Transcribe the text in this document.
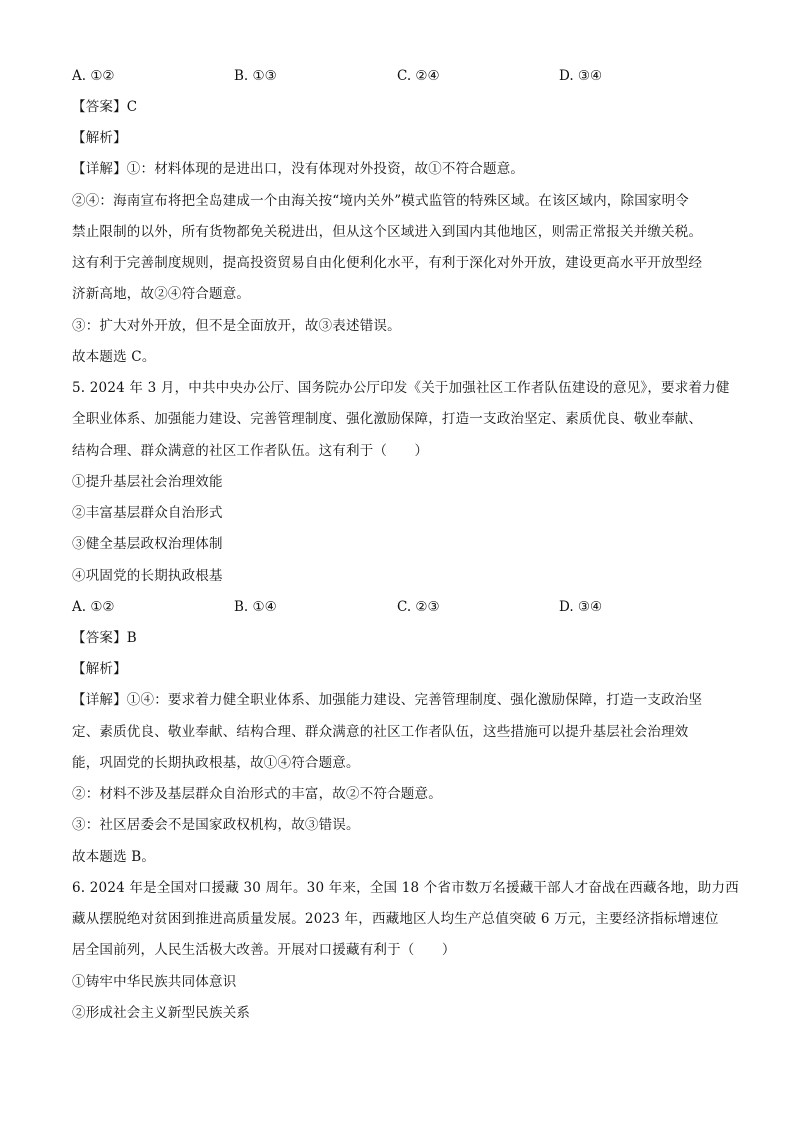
A. ①②	B. ①③	C. ②④	D. ③④
【答案】C
【解析】
【详解】①：材料体现的是进出口，没有体现对外投资，故①不符合题意。
②④：海南宣布将把全岛建成一个由海关按“境内关外”模式监管的特殊区域。在该区域内，除国家明令
禁止限制的以外，所有货物都免关税进出，但从这个区域进入到国内其他地区，则需正常报关并缴关税。
这有利于完善制度规则，提高投资贸易自由化便利化水平，有利于深化对外开放，建设更高水平开放型经
济新高地，故②④符合题意。
③：扩大对外开放，但不是全面放开，故③表述错误。
故本题选 C。
5. 2024 年 3 月，中共中央办公厅、国务院办公厅印发《关于加强社区工作者队伍建设的意见》，要求着力健
全职业体系、加强能力建设、完善管理制度、强化激励保障，打造一支政治坚定、素质优良、敬业奉献、
结构合理、群众满意的社区工作者队伍。这有利于（　　）
①提升基层社会治理效能
②丰富基层群众自治形式
③健全基层政权治理体制
④巩固党的长期执政根基
A. ①②	B. ①④	C. ②③	D. ③④
【答案】B
【解析】
【详解】①④：要求着力健全职业体系、加强能力建设、完善管理制度、强化激励保障，打造一支政治坚
定、素质优良、敬业奉献、结构合理、群众满意的社区工作者队伍，这些措施可以提升基层社会治理效
能，巩固党的长期执政根基，故①④符合题意。
②：材料不涉及基层群众自治形式的丰富，故②不符合题意。
③：社区居委会不是国家政权机构，故③错误。
故本题选 B。
6. 2024 年是全国对口援藏 30 周年。30 年来，全国 18 个省市数万名援藏干部人才奋战在西藏各地，助力西
藏从摆脱绝对贫困到推进高质量发展。2023 年，西藏地区人均生产总值突破 6 万元，主要经济指标增速位
居全国前列，人民生活极大改善。开展对口援藏有利于（　　）
①铸牢中华民族共同体意识
②形成社会主义新型民族关系
